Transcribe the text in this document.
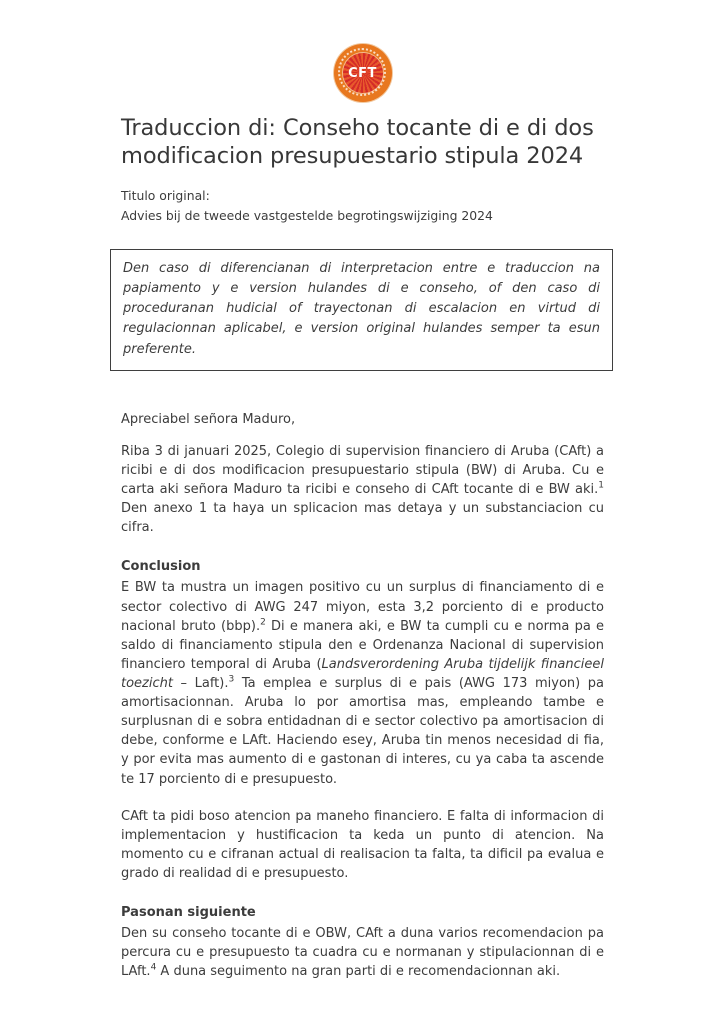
CFT
Traduccion di: Conseho tocante di e di dos modificacion presupuestario stipula 2024
Titulo original:
Advies bij de tweede vastgestelde begrotingswijziging 2024

Den caso di diferencianan di interpretacion entre e traduccion na papiamento y e version hulandes di e conseho, of den caso di proceduranan hudicial of trayectonan di escalacion en virtud di regulacionnan aplicabel, e version original hulandes semper ta esun preferente.

Apreciabel señora Maduro,

Riba 3 di januari 2025, Colegio di supervision financiero di Aruba (CAft) a ricibi e di dos modificacion presupuestario stipula (BW) di Aruba. Cu e carta aki señora Maduro ta ricibi e conseho di CAft tocante di e BW aki.$^1$ Den anexo 1 ta haya un splicacion mas detaya y un substanciacion cu cifra.

Conclusion

E BW ta mustra un imagen positivo cu un surplus di financiamento di e sector colectivo di AWG 247 miyon, esta 3,2 porciento di e producto nacional bruto (bbp).$^2$ Di e manera aki, e BW ta cumpli cu e norma pa e saldo di financiamento stipula den e Ordenanza Nacional di supervision financiero temporal di Aruba (Landsverordening Aruba tijdelijk financieel toezicht – Laft).$^3$ Ta emplea e surplus di e pais (AWG 173 miyon) pa amortisacionnan. Aruba lo por amortisa mas, empleando tambe e surplusnan di e sobra entidadnan di e sector colectivo pa amortisacion di debe, conforme e LAft. Haciendo esey, Aruba tin menos necesidad di fia, y por evita mas aumento di e gastonan di interes, cu ya caba ta ascende te 17 porciento di e presupuesto.

CAft ta pidi boso atencion pa maneho financiero. E falta di informacion di implementacion y hustificacion ta keda un punto di atencion. Na momento cu e cifranan actual di realisacion ta falta, ta dificil pa evalua e grado di realidad di e presupuesto.

Pasonan siguiente

Den su conseho tocante di e OBW, CAft a duna varios recomendacion pa percura cu e presupuesto ta cuadra cu e normanan y stipulacionnan di e LAft.$^4$ A duna seguimento na gran parti di e recomendacionnan aki.
